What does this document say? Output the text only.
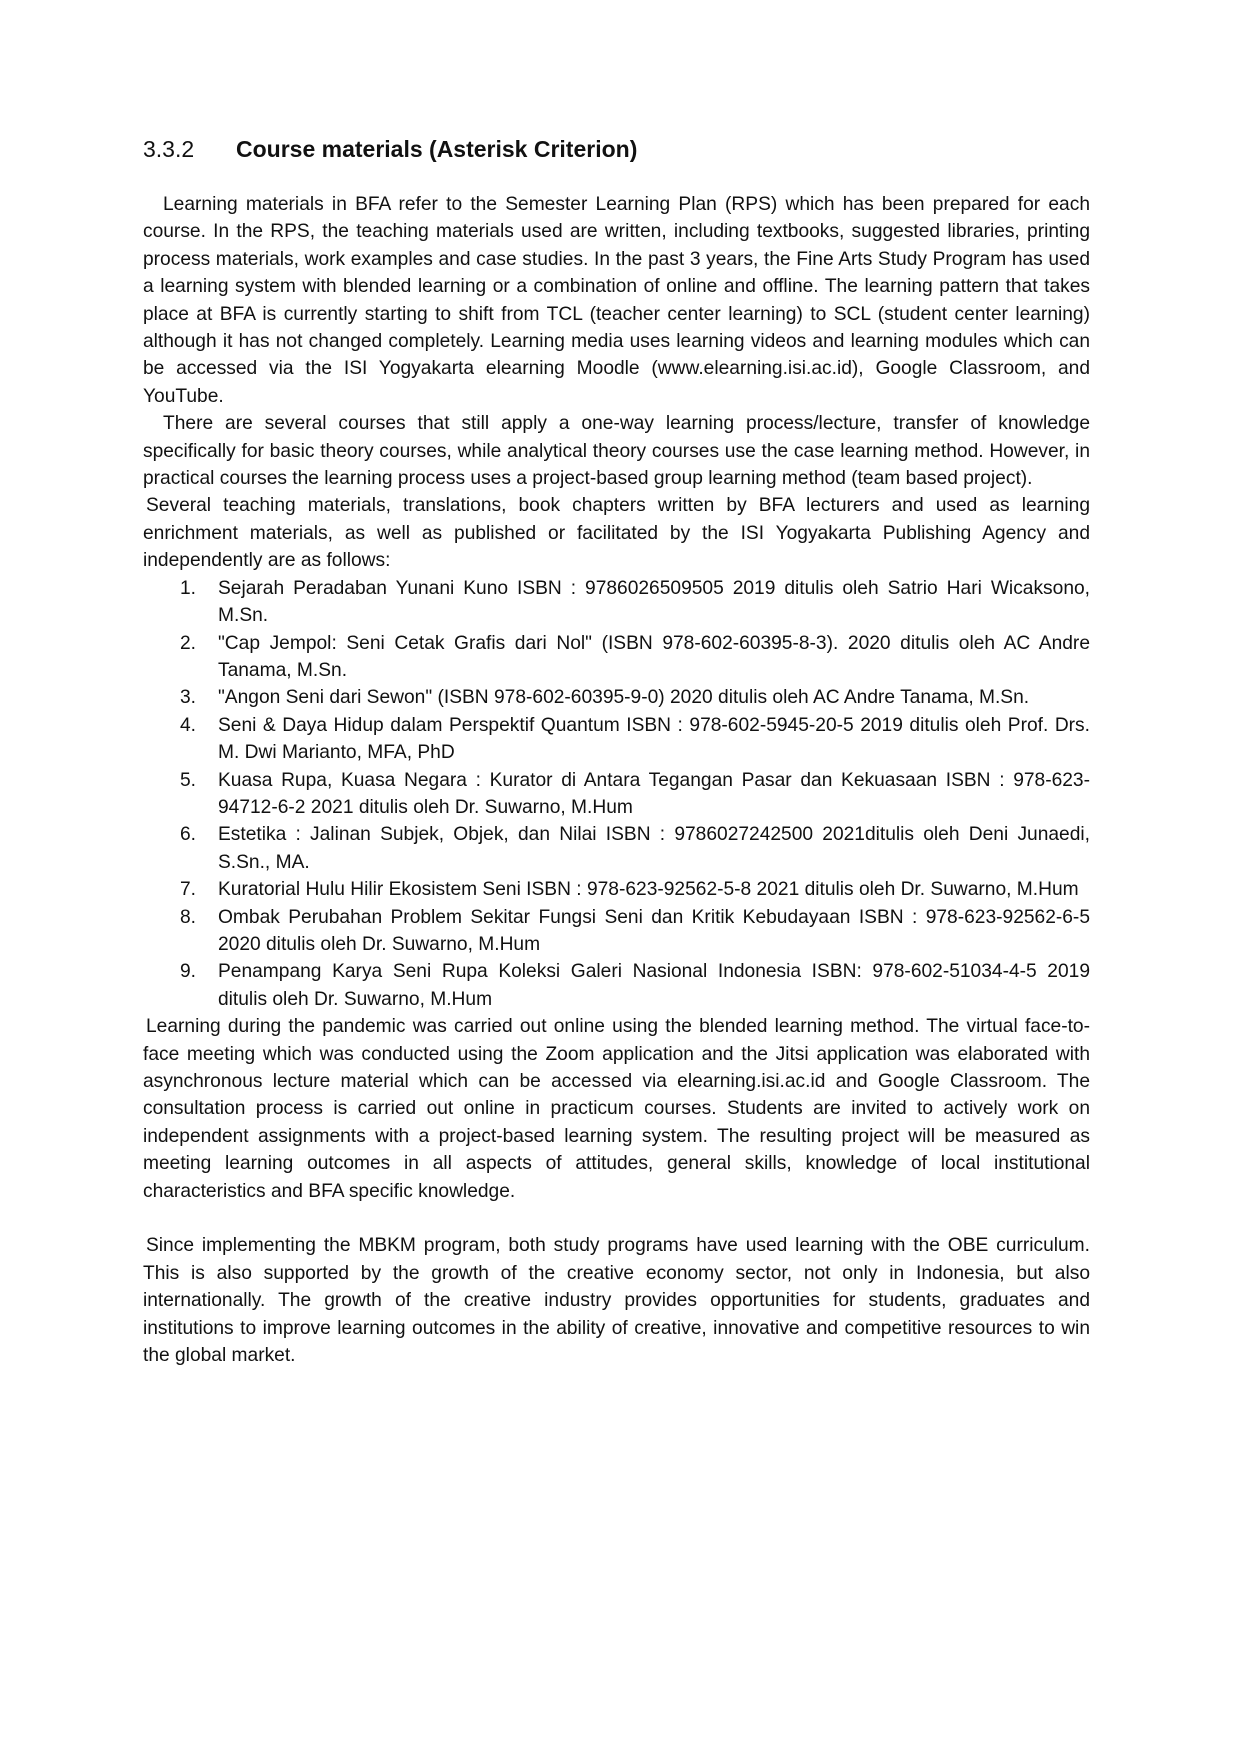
3.3.2 Course materials (Asterisk Criterion)

Learning materials in BFA refer to the Semester Learning Plan (RPS) which has been prepared for each course. In the RPS, the teaching materials used are written, including textbooks, suggested libraries, printing process materials, work examples and case studies. In the past 3 years, the Fine Arts Study Program has used a learning system with blended learning or a combination of online and offline. The learning pattern that takes place at BFA is currently starting to shift from TCL (teacher center learning) to SCL (student center learning) although it has not changed completely. Learning media uses learning videos and learning modules which can be accessed via the ISI Yogyakarta elearning Moodle (www.elearning.isi.ac.id), Google Classroom, and YouTube.

There are several courses that still apply a one-way learning process/lecture, transfer of knowledge specifically for basic theory courses, while analytical theory courses use the case learning method. However, in practical courses the learning process uses a project-based group learning method (team based project).

Several teaching materials, translations, book chapters written by BFA lecturers and used as learning enrichment materials, as well as published or facilitated by the ISI Yogyakarta Publishing Agency and independently are as follows:

1. Sejarah Peradaban Yunani Kuno ISBN : 9786026509505 2019 ditulis oleh Satrio Hari Wicaksono, M.Sn.
2. "Cap Jempol: Seni Cetak Grafis dari Nol" (ISBN 978-602-60395-8-3). 2020 ditulis oleh AC Andre Tanama, M.Sn.
3. "Angon Seni dari Sewon" (ISBN 978-602-60395-9-0) 2020 ditulis oleh AC Andre Tanama, M.Sn.
4. Seni & Daya Hidup dalam Perspektif Quantum ISBN : 978-602-5945-20-5 2019 ditulis oleh Prof. Drs. M. Dwi Marianto, MFA, PhD
5. Kuasa Rupa, Kuasa Negara : Kurator di Antara Tegangan Pasar dan Kekuasaan ISBN : 978-623-94712-6-2 2021 ditulis oleh Dr. Suwarno, M.Hum
6. Estetika : Jalinan Subjek, Objek, dan Nilai ISBN : 9786027242500 2021ditulis oleh Deni Junaedi, S.Sn., MA.
7. Kuratorial Hulu Hilir Ekosistem Seni ISBN : 978-623-92562-5-8 2021 ditulis oleh Dr. Suwarno, M.Hum
8. Ombak Perubahan Problem Sekitar Fungsi Seni dan Kritik Kebudayaan ISBN : 978-623-92562-6-5 2020 ditulis oleh Dr. Suwarno, M.Hum
9. Penampang Karya Seni Rupa Koleksi Galeri Nasional Indonesia ISBN: 978-602-51034-4-5 2019 ditulis oleh Dr. Suwarno, M.Hum

Learning during the pandemic was carried out online using the blended learning method. The virtual face-to-face meeting which was conducted using the Zoom application and the Jitsi application was elaborated with asynchronous lecture material which can be accessed via elearning.isi.ac.id and Google Classroom. The consultation process is carried out online in practicum courses. Students are invited to actively work on independent assignments with a project-based learning system. The resulting project will be measured as meeting learning outcomes in all aspects of attitudes, general skills, knowledge of local institutional characteristics and BFA specific knowledge.

Since implementing the MBKM program, both study programs have used learning with the OBE curriculum. This is also supported by the growth of the creative economy sector, not only in Indonesia, but also internationally. The growth of the creative industry provides opportunities for students, graduates and institutions to improve learning outcomes in the ability of creative, innovative and competitive resources to win the global market.
